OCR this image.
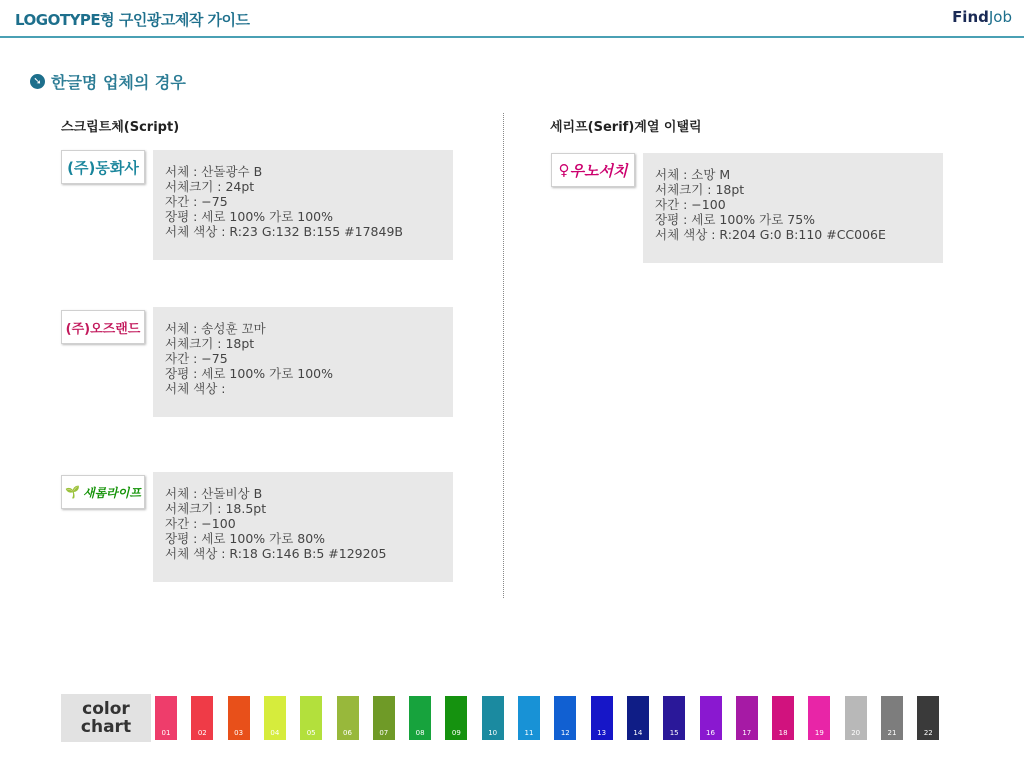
LOGOTYPE형 구인광고제작 가이드	FindJob
➘ 한글명 업체의 경우
스크립트체(Script)	세리프(Serif)계열 이탤릭
(주)동화사 서체 : 산돌광수 B
서체크기 : 24pt
자간 : −75
장평 : 세로 100% 가로 100%
서체 색상 : R:23 G:132 B:155 #17849B
(주)오즈랜드 서체 : 송성훈 꼬마
서체크기 : 18pt
자간 : −75
장평 : 세로 100% 가로 100%
서체 색상 :
🌱 새롬라이프 서체 : 산돌비상 B
서체크기 : 18.5pt
자간 : −100
장평 : 세로 100% 가로 80%
서체 색상 : R:18 G:146 B:5 #129205
♀ 우노서치 서체 : 소망 M
서체크기 : 18pt
자간 : −100
장평 : 세로 100% 가로 75%
서체 색상 : R:204 G:0 B:110 #CC006E
color
chart	01	02	03	04	05	06	07	08	09	10	11	12	13	14	15	16	17	18	19	20	21	22
